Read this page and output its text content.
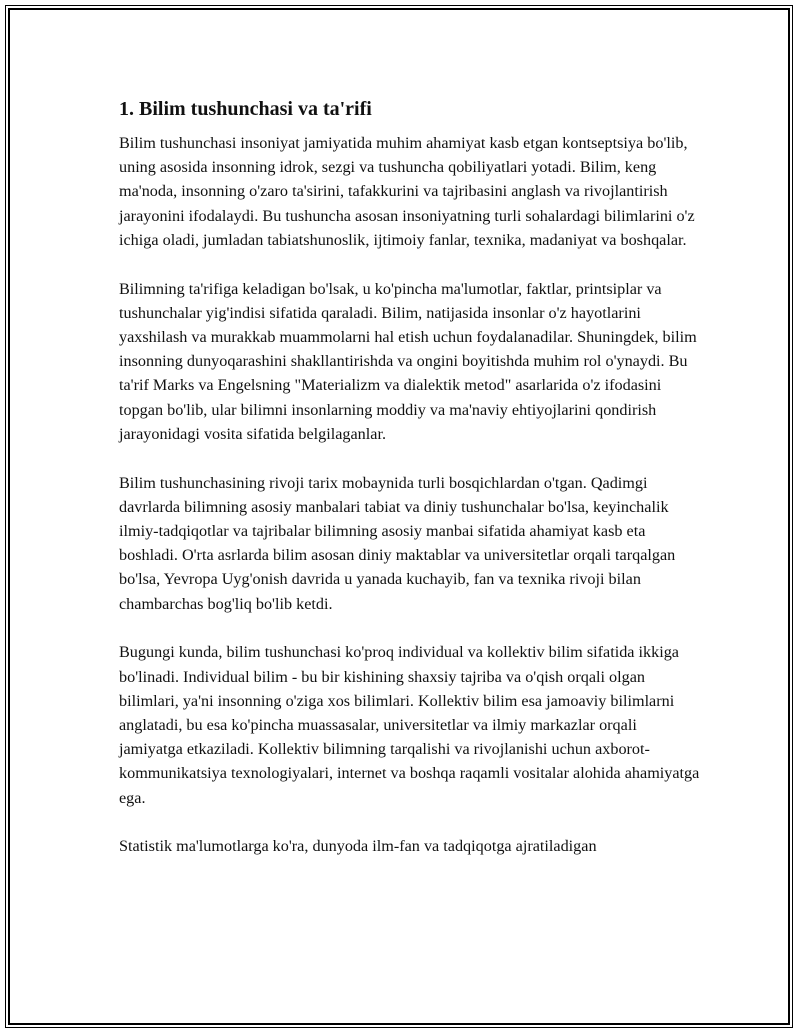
1. Bilim tushunchasi va ta'rifi

Bilim tushunchasi insoniyat jamiyatida muhim ahamiyat kasb etgan kontseptsiya bo'lib, uning asosida insonning idrok, sezgi va tushuncha qobiliyatlari yotadi. Bilim, keng ma'noda, insonning o'zaro ta'sirini, tafakkurini va tajribasini anglash va rivojlantirish jarayonini ifodalaydi. Bu tushuncha asosan insoniyatning turli sohalardagi bilimlarini o'z ichiga oladi, jumladan tabiatshunoslik, ijtimoiy fanlar, texnika, madaniyat va boshqalar.

Bilimning ta'rifiga keladigan bo'lsak, u ko'pincha ma'lumotlar, faktlar, printsiplar va tushunchalar yig'indisi sifatida qaraladi. Bilim, natijasida insonlar o'z hayotlarini yaxshilash va murakkab muammolarni hal etish uchun foydalanadilar. Shuningdek, bilim insonning dunyoqarashini shakllantirishda va ongini boyitishda muhim rol o'ynaydi. Bu ta'rif Marks va Engelsning "Materializm va dialektik metod" asarlarida o'z ifodasini topgan bo'lib, ular bilimni insonlarning moddiy va ma'naviy ehtiyojlarini qondirish jarayonidagi vosita sifatida belgilaganlar.

Bilim tushunchasining rivoji tarix mobaynida turli bosqichlardan o'tgan. Qadimgi davrlarda bilimning asosiy manbalari tabiat va diniy tushunchalar bo'lsa, keyinchalik ilmiy-tadqiqotlar va tajribalar bilimning asosiy manbai sifatida ahamiyat kasb eta boshladi. O'rta asrlarda bilim asosan diniy maktablar va universitetlar orqali tarqalgan bo'lsa, Yevropa Uyg'onish davrida u yanada kuchayib, fan va texnika rivoji bilan chambarchas bog'liq bo'lib ketdi.

Bugungi kunda, bilim tushunchasi ko'proq individual va kollektiv bilim sifatida ikkiga bo'linadi. Individual bilim - bu bir kishining shaxsiy tajriba va o'qish orqali olgan bilimlari, ya'ni insonning o'ziga xos bilimlari. Kollektiv bilim esa jamoaviy bilimlarni anglatadi, bu esa ko'pincha muassasalar, universitetlar va ilmiy markazlar orqali jamiyatga etkaziladi. Kollektiv bilimning tarqalishi va rivojlanishi uchun axborot-kommunikatsiya texnologiyalari, internet va boshqa raqamli vositalar alohida ahamiyatga ega.

Statistik ma'lumotlarga ko'ra, dunyoda ilm-fan va tadqiqotga ajratiladigan
